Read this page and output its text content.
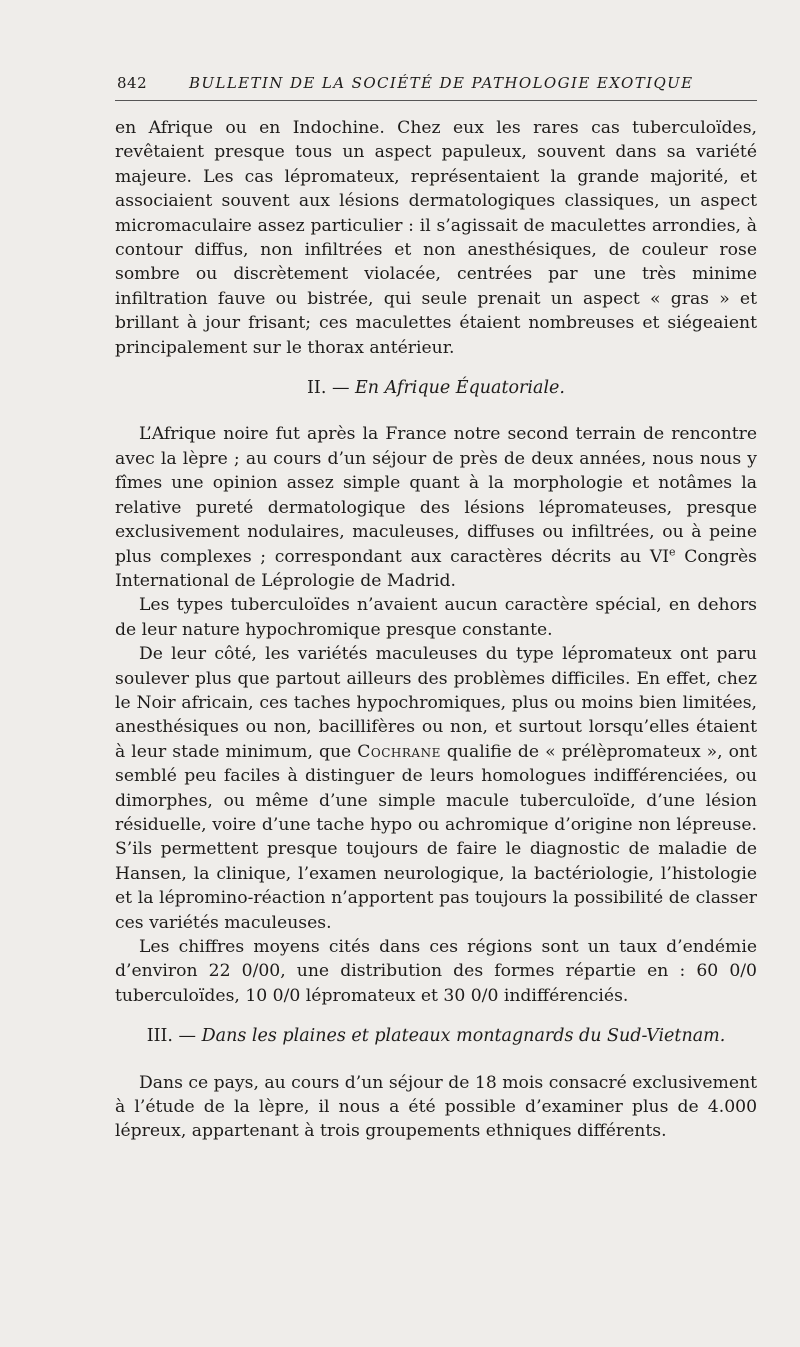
842	BULLETIN DE LA SOCIÉTÉ DE PATHOLOGIE EXOTIQUE

en Afrique ou en Indochine. Chez eux les rares cas tuberculoïdes, revêtaient presque tous un aspect papuleux, souvent dans sa variété majeure. Les cas lépromateux, représentaient la grande majorité, et associaient souvent aux lésions dermatologiques classiques, un aspect micromaculaire assez particulier : il s’agissait de maculettes arrondies, à contour diffus, non infiltrées et non anesthésiques, de couleur rose sombre ou discrètement violacée, centrées par une très minime infiltration fauve ou bistrée, qui seule prenait un aspect « gras » et brillant à jour frisant; ces maculettes étaient nombreuses et siégeaient principalement sur le thorax antérieur.

II. — En Afrique Équatoriale.

L’Afrique noire fut après la France notre second terrain de rencontre avec la lèpre ; au cours d’un séjour de près de deux années, nous nous y fîmes une opinion assez simple quant à la morphologie et notâmes la relative pureté dermatologique des lésions lépromateuses, presque exclusivement nodulaires, maculeuses, diffuses ou infiltrées, ou à peine plus complexes ; correspondant aux caractères décrits au VIe Congrès International de Léprologie de Madrid.

Les types tuberculoïdes n’avaient aucun caractère spécial, en dehors de leur nature hypochromique presque constante.

De leur côté, les variétés maculeuses du type lépromateux ont paru soulever plus que partout ailleurs des problèmes difficiles. En effet, chez le Noir africain, ces taches hypochromiques, plus ou moins bien limitées, anesthésiques ou non, bacillifères ou non, et surtout lorsqu’elles étaient à leur stade minimum, que Cochrane qualifie de « prélèpromateux », ont semblé peu faciles à distinguer de leurs homologues indifférenciées, ou dimorphes, ou même d’une simple macule tuberculoïde, d’une lésion résiduelle, voire d’une tache hypo ou achromique d’origine non lépreuse. S’ils permettent presque toujours de faire le diagnostic de maladie de Hansen, la clinique, l’examen neurologique, la bactériologie, l’histologie et la lépromino-réaction n’apportent pas toujours la possibilité de classer ces variétés maculeuses.

Les chiffres moyens cités dans ces régions sont un taux d’endémie d’environ 22 0/00, une distribution des formes répartie en : 60 0/0 tuberculoïdes, 10 0/0 lépromateux et 30 0/0 indifférenciés.

III. — Dans les plaines et plateaux montagnards du Sud-Vietnam.

Dans ce pays, au cours d’un séjour de 18 mois consacré exclusivement à l’étude de la lèpre, il nous a été possible d’examiner plus de 4.000 lépreux, appartenant à trois groupements ethniques différents.
